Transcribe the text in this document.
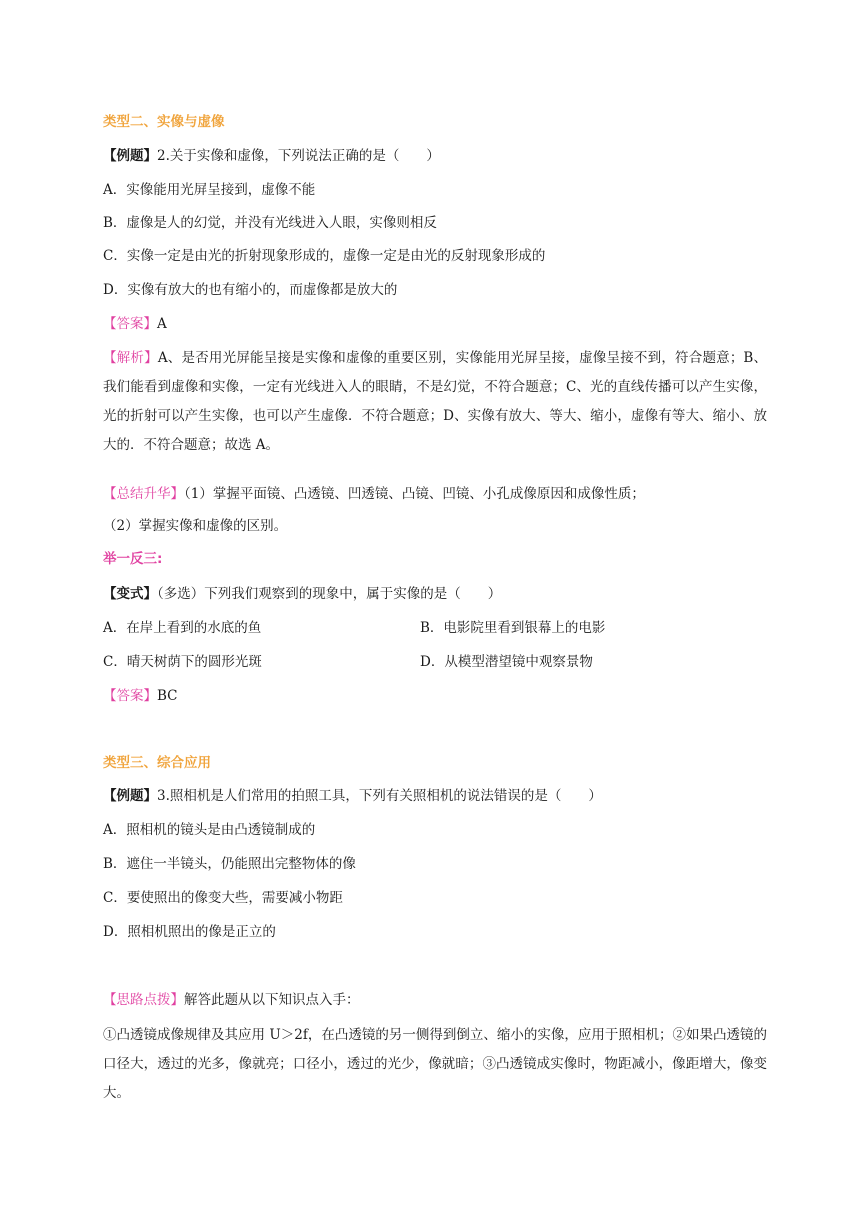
类型二、实像与虚像
【例题】2.关于实像和虚像，下列说法正确的是（　　）
A．实像能用光屏呈接到，虚像不能
B．虚像是人的幻觉，并没有光线进入人眼，实像则相反
C．实像一定是由光的折射现象形成的，虚像一定是由光的反射现象形成的
D．实像有放大的也有缩小的，而虚像都是放大的
【答案】A
【解析】A、是否用光屏能呈接是实像和虚像的重要区别，实像能用光屏呈接，虚像呈接不到，符合题意；B、我们能看到虚像和实像，一定有光线进入人的眼睛，不是幻觉，不符合题意；C、光的直线传播可以产生实像，光的折射可以产生实像，也可以产生虚像．不符合题意；D、实像有放大、等大、缩小，虚像有等大、缩小、放大的．不符合题意；故选 A。
【总结升华】（1）掌握平面镜、凸透镜、凹透镜、凸镜、凹镜、小孔成像原因和成像性质；
（2）掌握实像和虚像的区别。
举一反三:
【变式】（多选）下列我们观察到的现象中，属于实像的是（　　）
A．在岸上看到的水底的鱼	B．电影院里看到银幕上的电影
C．晴天树荫下的圆形光斑	D．从模型潜望镜中观察景物
【答案】BC
类型三、综合应用
【例题】3.照相机是人们常用的拍照工具，下列有关照相机的说法错误的是（　　）
A．照相机的镜头是由凸透镜制成的
B．遮住一半镜头，仍能照出完整物体的像
C．要使照出的像变大些，需要减小物距
D．照相机照出的像是正立的
【思路点拨】解答此题从以下知识点入手：
①凸透镜成像规律及其应用 U＞2f，在凸透镜的另一侧得到倒立、缩小的实像，应用于照相机；②如果凸透镜的口径大，透过的光多，像就亮；口径小，透过的光少，像就暗；③凸透镜成实像时，物距减小，像距增大，像变大。
